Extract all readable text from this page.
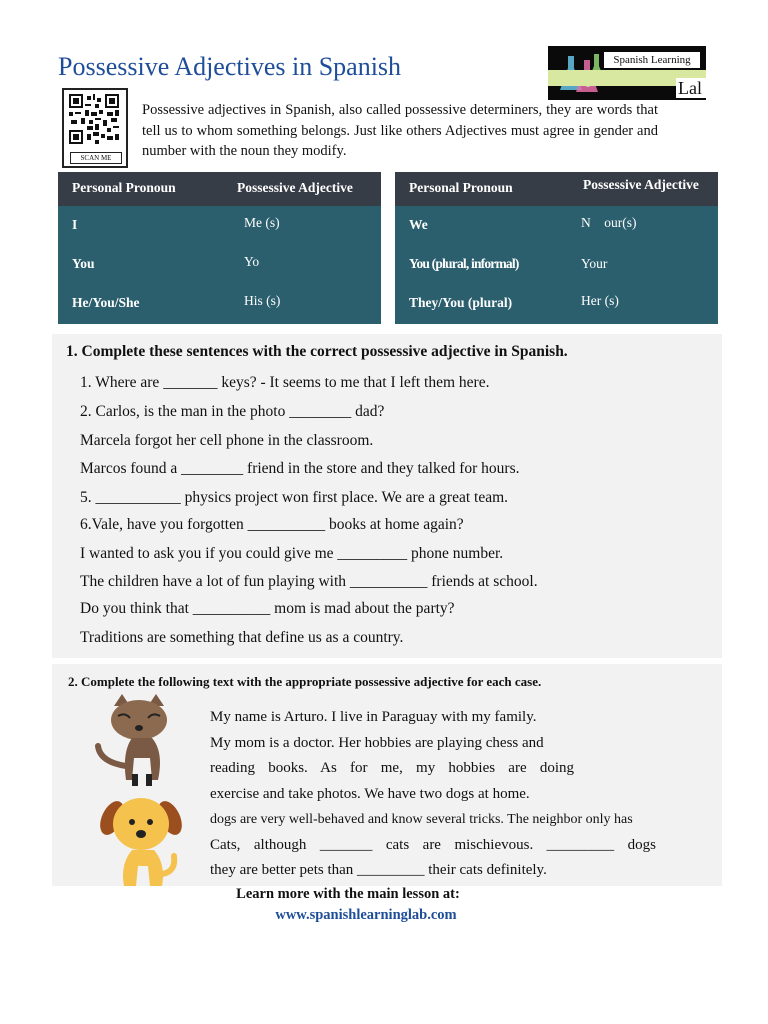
Possessive Adjectives in Spanish	Spanish Learning
Lal
SCAN ME
Possessive adjectives in Spanish, also called possessive determiners, they are words that tell us to whom something belongs. Just like others Adjectives must agree in gender and number with the noun they modify.
Personal Pronoun	Possessive Adjective
I	Me (s)
You	Yo
He/You/She	His (s)
Personal Pronoun	Possessive Adjective
We	N    our(s)
You (plural, informal)	Your
They/You (plural)	Her (s)
1. Complete these sentences with the correct possessive adjective in Spanish.
1. Where are _______ keys? - It seems to me that I left them here.
2. Carlos, is the man in the photo ________ dad?
Marcela forgot her cell phone in the classroom.
Marcos found a ________ friend in the store and they talked for hours.
5. ___________ physics project won first place. We are a great team.
6.Vale, have you forgotten __________ books at home again?
I wanted to ask you if you could give me _________ phone number.
The children have a lot of fun playing with __________ friends at school.
Do you think that __________ mom is mad about the party?
Traditions are something that define us as a country.
2. Complete the following text with the appropriate possessive adjective for each case.
My name is Arturo. I live in Paraguay with my family.
My mom is a doctor. Her hobbies are playing chess and
reading books. As for me, my hobbies are doing
exercise and take photos. We have two dogs at home.
dogs are very well-behaved and know several tricks. The neighbor only has
Cats, although _______ cats are mischievous. _________ dogs
they are better pets than _________ their cats definitely.
Learn more with the main lesson at:
www.spanishlearninglab.com
